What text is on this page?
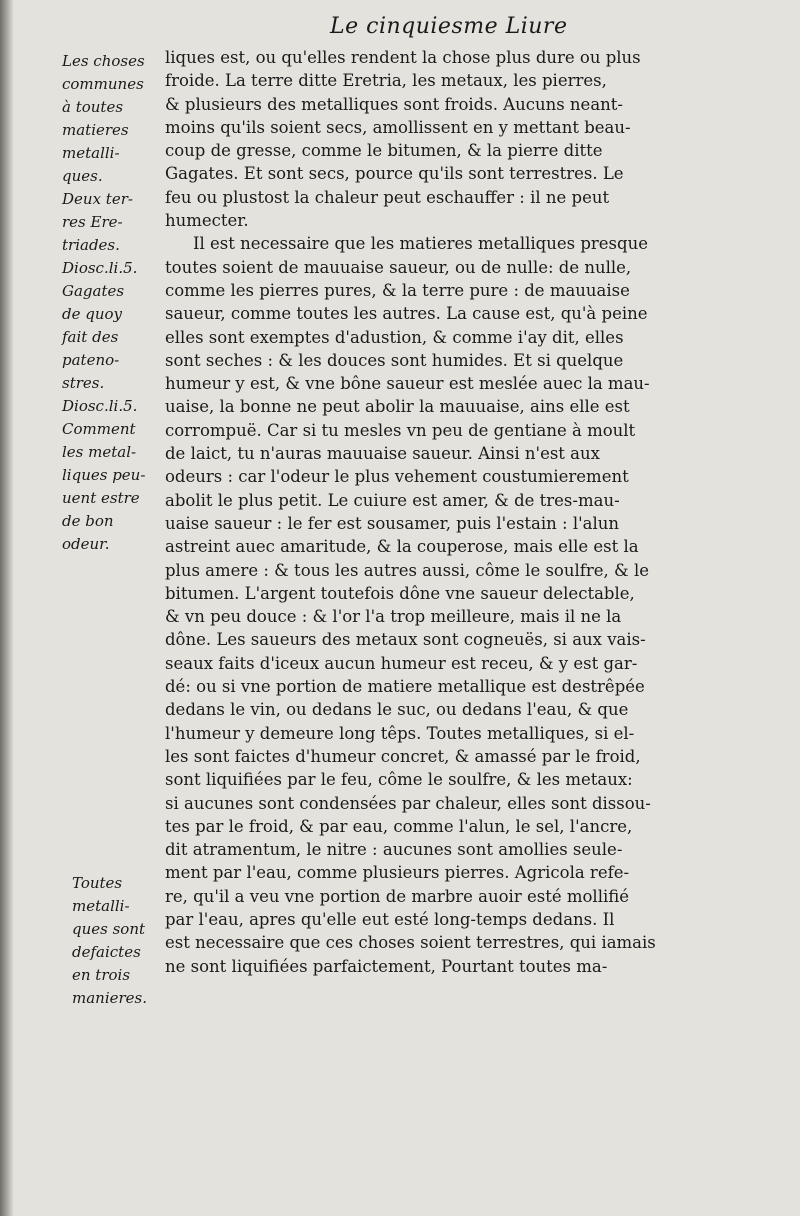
Le cinquiesme Liure
Les choses
communes
à toutes
matieres
metalli-
ques.
Deux ter-
res Ere-
triades.
Diosc.li.5.
Gagates
de quoy
fait des
pateno-
stres.
Diosc.li.5.
Comment
les metal-
liques peu-
uent estre
de bon
odeur.
Toutes
metalli-
ques sont
defaictes
en trois
manieres.
liques est, ou qu'elles rendent la chose plus dure ou plus
froide. La terre ditte Eretria, les metaux, les pierres,
& plusieurs des metalliques sont froids. Aucuns neant-
moins qu'ils soient secs, amollissent en y mettant beau-
coup de gresse, comme le bitumen, & la pierre ditte
Gagates. Et sont secs, pource qu'ils sont terrestres. Le
feu ou plustost la chaleur peut eschauffer : il ne peut
humecter.
Il est necessaire que les matieres metalliques presque
toutes soient de mauuaise saueur, ou de nulle: de nulle,
comme les pierres pures, & la terre pure : de mauuaise
saueur, comme toutes les autres. La cause est, qu'à peine
elles sont exemptes d'adustion, & comme i'ay dit, elles
sont seches : & les douces sont humides. Et si quelque
humeur y est, & vne bône saueur est meslée auec la mau-
uaise, la bonne ne peut abolir la mauuaise, ains elle est
corrompuë. Car si tu mesles vn peu de gentiane à moult
de laict, tu n'auras mauuaise saueur. Ainsi n'est aux
odeurs : car l'odeur le plus vehement coustumierement
abolit le plus petit. Le cuiure est amer, & de tres-mau-
uaise saueur : le fer est sousamer, puis l'estain : l'alun
astreint auec amaritude, & la couperose, mais elle est la
plus amere : & tous les autres aussi, côme le soulfre, & le
bitumen. L'argent toutefois dône vne saueur delectable,
& vn peu douce : & l'or l'a trop meilleure, mais il ne la
dône. Les saueurs des metaux sont cogneuës, si aux vais-
seaux faits d'iceux aucun humeur est receu, & y est gar-
dé: ou si vne portion de matiere metallique est destrêpée
dedans le vin, ou dedans le suc, ou dedans l'eau, & que
l'humeur y demeure long têps. Toutes metalliques, si el-
les sont faictes d'humeur concret, & amassé par le froid,
sont liquifiées par le feu, côme le soulfre, & les metaux:
si aucunes sont condensées par chaleur, elles sont dissou-
tes par le froid, & par eau, comme l'alun, le sel, l'ancre,
dit atramentum, le nitre : aucunes sont amollies seule-
ment par l'eau, comme plusieurs pierres. Agricola refe-
re, qu'il a veu vne portion de marbre auoir esté mollifié
par l'eau, apres qu'elle eut esté long-temps dedans. Il
est necessaire que ces choses soient terrestres, qui iamais
ne sont liquifiées parfaictement, Pourtant toutes ma-
